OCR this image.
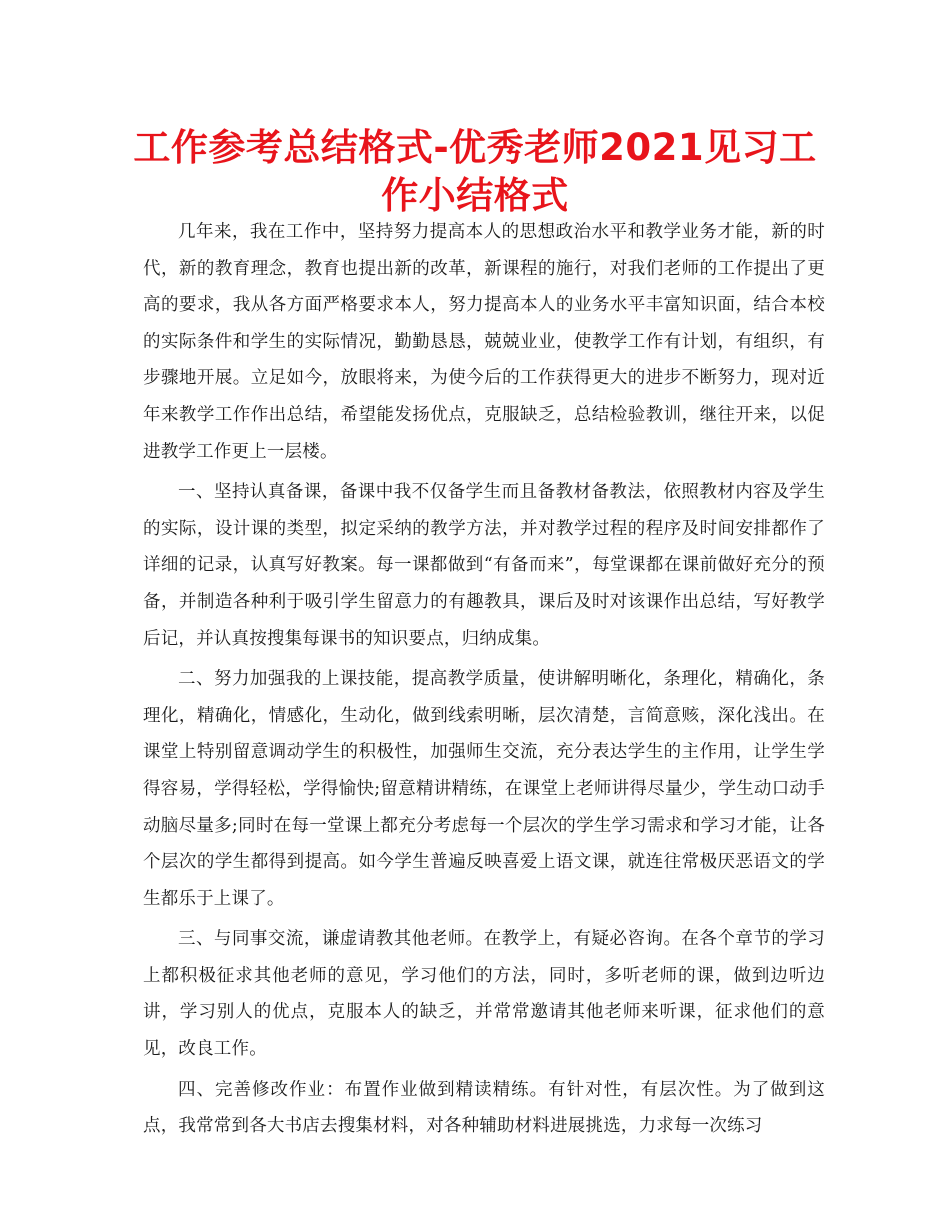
工作参考总结格式-优秀老师2021见习工作小结格式

几年来，我在工作中，坚持努力提高本人的思想政治水平和教学业务才能，新的时代，新的教育理念，教育也提出新的改革，新课程的施行，对我们老师的工作提出了更高的要求，我从各方面严格要求本人，努力提高本人的业务水平丰富知识面，结合本校的实际条件和学生的实际情况，勤勤恳恳，兢兢业业，使教学工作有计划，有组织，有步骤地开展。立足如今，放眼将来，为使今后的工作获得更大的进步不断努力，现对近年来教学工作作出总结，希望能发扬优点，克服缺乏，总结检验教训，继往开来，以促进教学工作更上一层楼。

一、坚持认真备课，备课中我不仅备学生而且备教材备教法，依照教材内容及学生的实际，设计课的类型，拟定采纳的教学方法，并对教学过程的程序及时间安排都作了详细的记录，认真写好教案。每一课都做到“有备而来”，每堂课都在课前做好充分的预备，并制造各种利于吸引学生留意力的有趣教具，课后及时对该课作出总结，写好教学后记，并认真按搜集每课书的知识要点，归纳成集。

二、努力加强我的上课技能，提高教学质量，使讲解明晰化，条理化，精确化，条理化，精确化，情感化，生动化，做到线索明晰，层次清楚，言简意赅，深化浅出。在课堂上特别留意调动学生的积极性，加强师生交流，充分表达学生的主作用，让学生学得容易，学得轻松，学得愉快;留意精讲精练，在课堂上老师讲得尽量少，学生动口动手动脑尽量多;同时在每一堂课上都充分考虑每一个层次的学生学习需求和学习才能，让各个层次的学生都得到提高。如今学生普遍反映喜爱上语文课，就连往常极厌恶语文的学生都乐于上课了。

三、与同事交流，谦虚请教其他老师。在教学上，有疑必咨询。在各个章节的学习上都积极征求其他老师的意见，学习他们的方法，同时，多听老师的课，做到边听边讲，学习别人的优点，克服本人的缺乏，并常常邀请其他老师来听课，征求他们的意见，改良工作。

四、完善修改作业：布置作业做到精读精练。有针对性，有层次性。为了做到这点，我常常到各大书店去搜集材料，对各种辅助材料进展挑选，力求每一次练习
